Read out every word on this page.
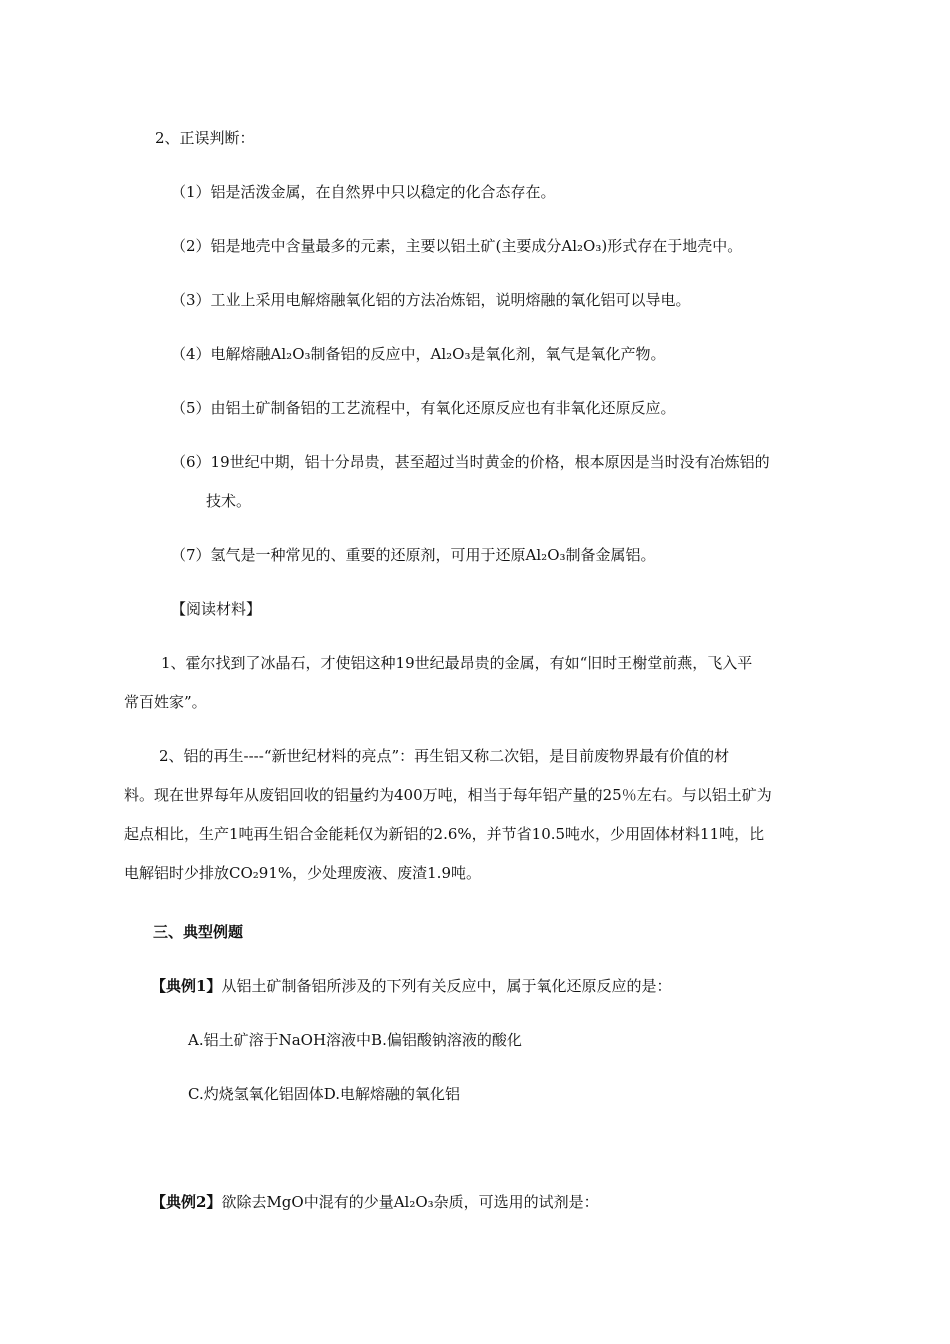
2、正误判断：
（1）铝是活泼金属，在自然界中只以稳定的化合态存在。
（2）铝是地壳中含量最多的元素，主要以铝土矿(主要成分Al₂O₃)形式存在于地壳中。
（3）工业上采用电解熔融氧化铝的方法冶炼铝，说明熔融的氧化铝可以导电。
（4）电解熔融Al₂O₃制备铝的反应中，Al₂O₃是氧化剂，氧气是氧化产物。
（5）由铝土矿制备铝的工艺流程中，有氧化还原反应也有非氧化还原反应。
（6）19世纪中期，铝十分昂贵，甚至超过当时黄金的价格，根本原因是当时没有冶炼铝的
技术。
（7）氢气是一种常见的、重要的还原剂，可用于还原Al₂O₃制备金属铝。
【阅读材料】
1、霍尔找到了冰晶石，才使铝这种19世纪最昂贵的金属，有如“旧时王榭堂前燕，飞入平
常百姓家”。
2、铝的再生----“新世纪材料的亮点”：再生铝又称二次铝，是目前废物界最有价值的材
料。现在世界每年从废铝回收的铝量约为400万吨，相当于每年铝产量的25％左右。与以铝土矿为
起点相比，生产1吨再生铝合金能耗仅为新铝的2.6%，并节省10.5吨水，少用固体材料11吨，比
电解铝时少排放CO₂91%，少处理废液、废渣1.9吨。
三、典型例题
【典例1】从铝土矿制备铝所涉及的下列有关反应中，属于氧化还原反应的是：
A.铝土矿溶于NaOH溶液中B.偏铝酸钠溶液的酸化
C.灼烧氢氧化铝固体D.电解熔融的氧化铝
【典例2】欲除去MgO中混有的少量Al₂O₃杂质，可选用的试剂是：
